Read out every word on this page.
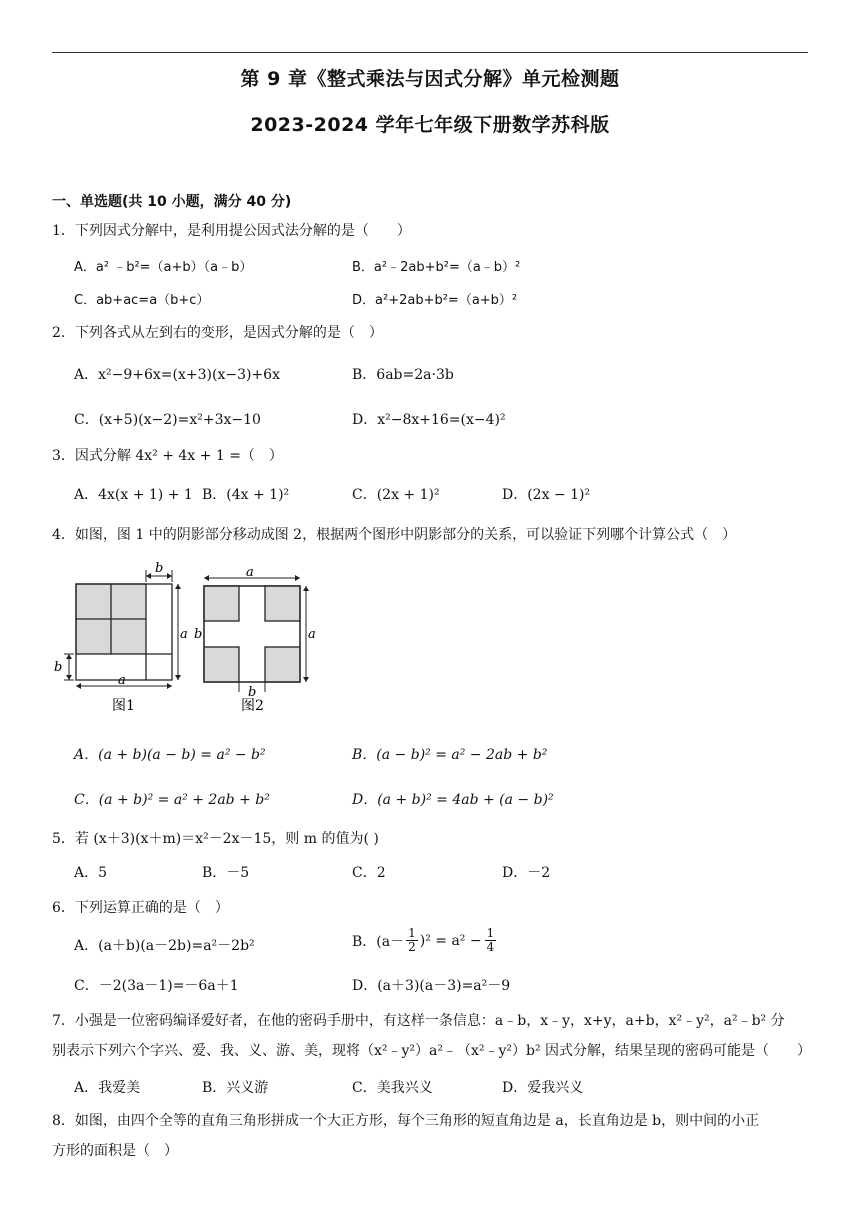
第 9 章《整式乘法与因式分解》单元检测题
2023-2024 学年七年级下册数学苏科版
一、单选题(共 10 小题，满分 40 分)
1．下列因式分解中，是利用提公因式法分解的是（　　）
A．a² ﹣b²=（a+b）（a﹣b）	B．a²﹣2ab+b²=（a﹣b）²
C．ab+ac=a（b+c）	D．a²+2ab+b²=（a+b）²
2．下列各式从左到右的变形，是因式分解的是（　）
A．x²−9+6x=(x+3)(x−3)+6x	B．6ab=2a·3b
C．(x+5)(x−2)=x²+3x−10	D．x²−8x+16=(x−4)²
3．因式分解 4x² + 4x + 1 =（　）
A．4x(x + 1) + 1 B．(4x + 1)²	C．(2x + 1)²	D．(2x − 1)²
4．如图，图 1 中的阴影部分移动成图 2，根据两个图形中阴影部分的关系，可以验证下列哪个计算公式（　）
b
a
b
a
图1
a
a
b
b
图2
A．(a + b)(a − b) = a² − b²	B．(a − b)² = a² − 2ab + b²
C．(a + b)² = a² + 2ab + b²	D．(a + b)² = 4ab + (a − b)²
5．若 (x＋3)(x＋m)＝x²－2x－15，则 m 的值为( )
A．5	B．－5	C．2	D．－2
6．下列运算正确的是（　）
A．(a＋b)(a－2b)=a²－2b²	B．(a－
1
2 )$^2 = a^2 - \frac{1}{4}$
C．－2(3a－1)=－6a＋1	D．(a＋3)(a－3)=a²－9
7．小强是一位密码编译爱好者，在他的密码手册中，有这样一条信息：a﹣b，x﹣y，x+y，a+b，x²﹣y²，a²﹣b² 分
别表示下列六个字兴、爱、我、义、游、美，现将（x²﹣y²）a²﹣（x²﹣y²）b² 因式分解，结果呈现的密码可能是（　　）
A．我爱美	B．兴义游	C．美我兴义	D．爱我兴义
8．如图，由四个全等的直角三角形拼成一个大正方形，每个三角形的短直角边是 a，长直角边是 b，则中间的小正
方形的面积是（　）
